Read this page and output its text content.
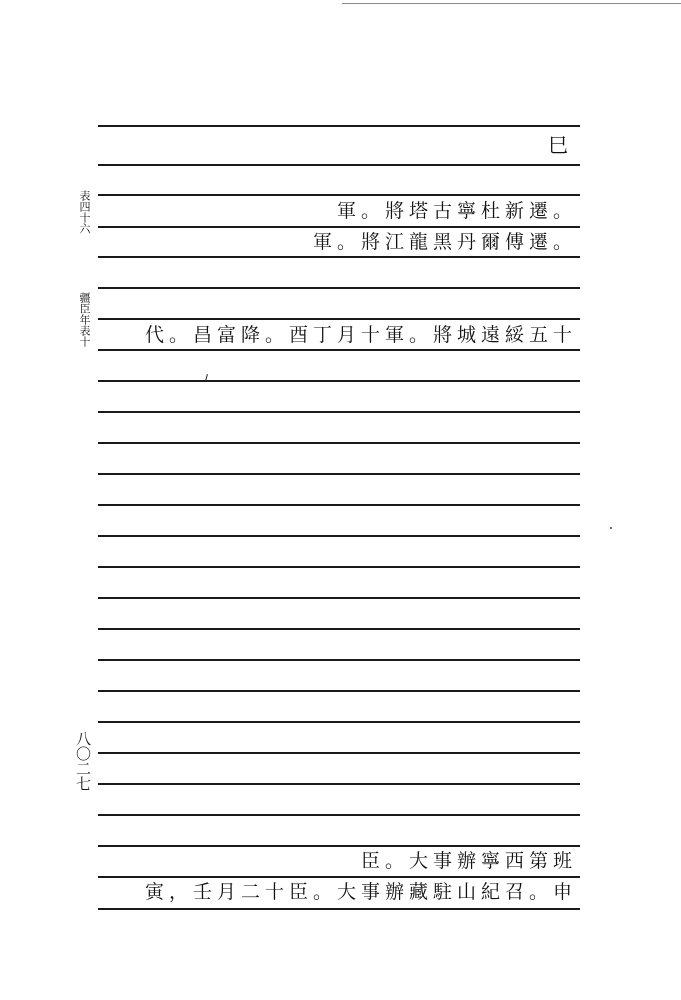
巳
軍。將塔古寧杜新遷。
軍。將江龍黑丹爾傅遷。
代。昌富降。酉丁月十軍。將城遠綏五十
臣。大事辦寧西第班
寅，壬月二十臣。大事辦藏駐山紀召。申
表四十六
疆臣年表十
八〇二七
